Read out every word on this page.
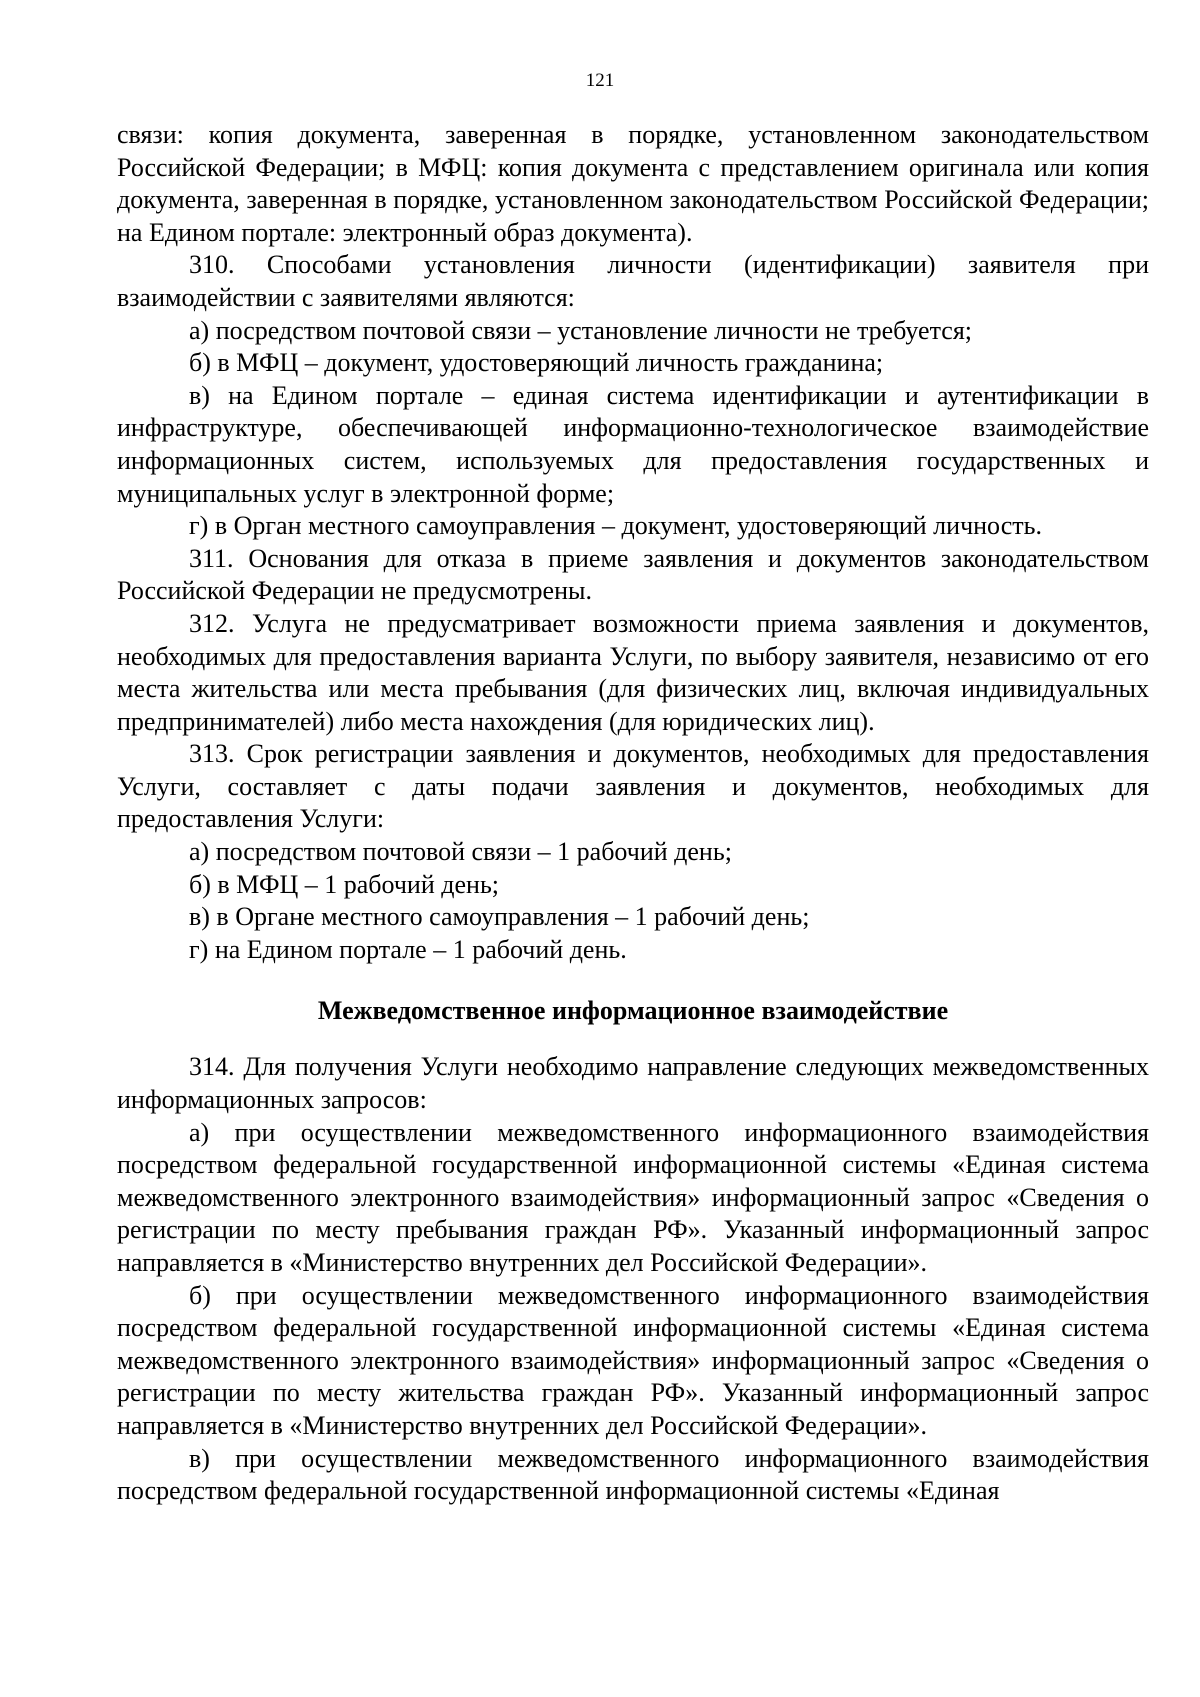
121

связи: копия документа, заверенная в порядке, установленном законодательством Российской Федерации; в МФЦ: копия документа с представлением оригинала или копия документа, заверенная в порядке, установленном законодательством Российской Федерации; на Едином портале: электронный образ документа).

310. Способами установления личности (идентификации) заявителя при взаимодействии с заявителями являются:

а) посредством почтовой связи – установление личности не требуется;

б) в МФЦ – документ, удостоверяющий личность гражданина;

в) на Едином портале – единая система идентификации и аутентификации в инфраструктуре, обеспечивающей информационно-технологическое взаимодействие информационных систем, используемых для предоставления государственных и муниципальных услуг в электронной форме;

г) в Орган местного самоуправления – документ, удостоверяющий личность.

311. Основания для отказа в приеме заявления и документов законодательством Российской Федерации не предусмотрены.

312. Услуга не предусматривает возможности приема заявления и документов, необходимых для предоставления варианта Услуги, по выбору заявителя, независимо от его места жительства или места пребывания (для физических лиц, включая индивидуальных предпринимателей) либо места нахождения (для юридических лиц).

313. Срок регистрации заявления и документов, необходимых для предоставления Услуги, составляет с даты подачи заявления и документов, необходимых для предоставления Услуги:

а) посредством почтовой связи – 1 рабочий день;

б) в МФЦ – 1 рабочий день;

в) в Органе местного самоуправления – 1 рабочий день;

г) на Едином портале – 1 рабочий день.

Межведомственное информационное взаимодействие

314. Для получения Услуги необходимо направление следующих межведомственных информационных запросов:

а) при осуществлении межведомственного информационного взаимодействия посредством федеральной государственной информационной системы «Единая система межведомственного электронного взаимодействия» информационный запрос «Сведения о регистрации по месту пребывания граждан РФ». Указанный информационный запрос направляется в «Министерство внутренних дел Российской Федерации».

б) при осуществлении межведомственного информационного взаимодействия посредством федеральной государственной информационной системы «Единая система межведомственного электронного взаимодействия» информационный запрос «Сведения о регистрации по месту жительства граждан РФ». Указанный информационный запрос направляется в «Министерство внутренних дел Российской Федерации».

в) при осуществлении межведомственного информационного взаимодействия посредством федеральной государственной информационной системы «Единая
